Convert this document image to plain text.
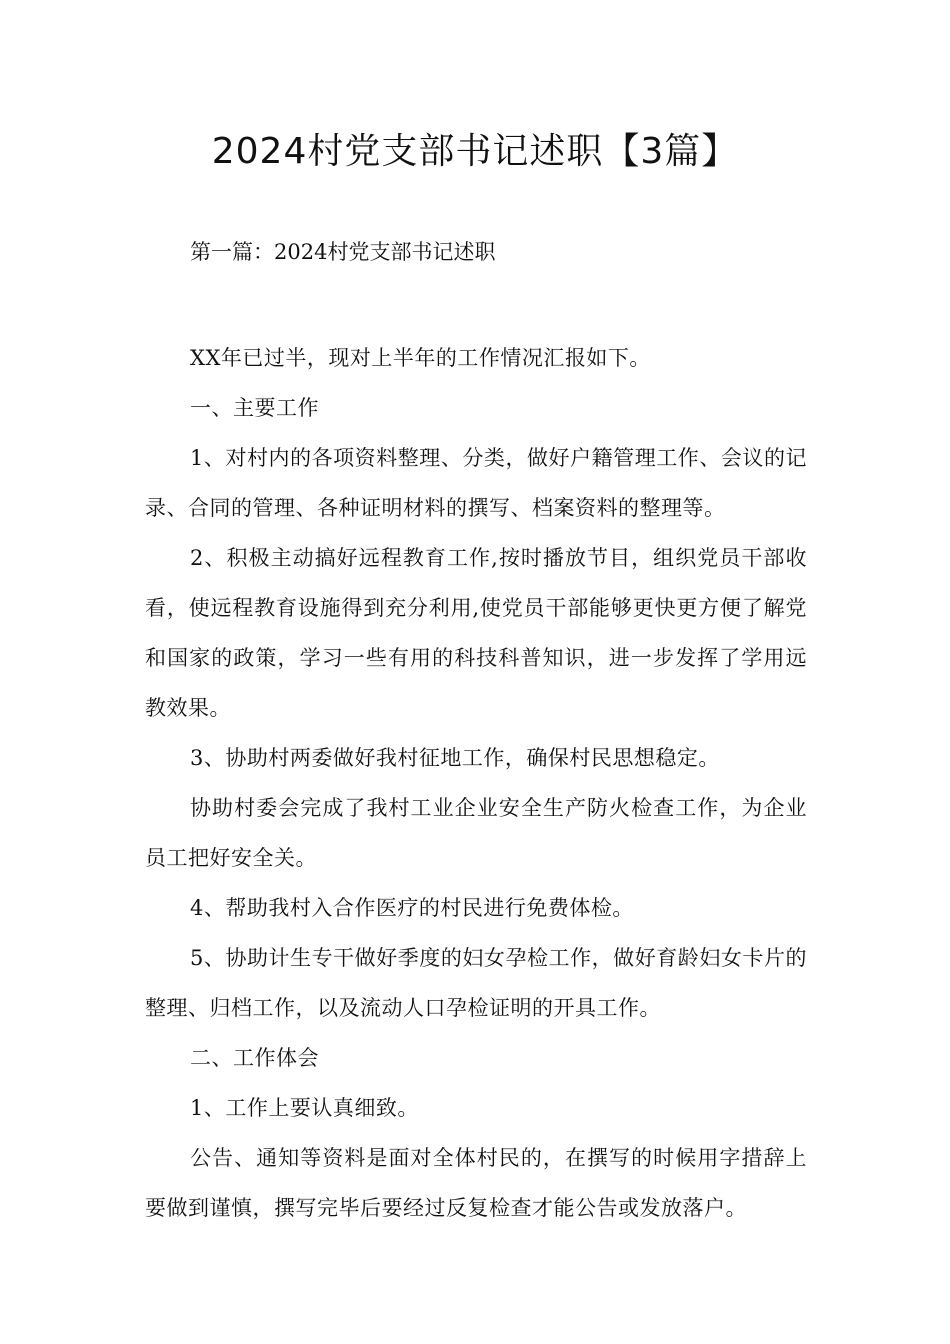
2024村党支部书记述职【3篇】

第一篇：2024村党支部书记述职

XX年已过半，现对上半年的工作情况汇报如下。

一、主要工作

1、对村内的各项资料整理、分类，做好户籍管理工作、会议的记录、合同的管理、各种证明材料的撰写、档案资料的整理等。

2、积极主动搞好远程教育工作,按时播放节目，组织党员干部收看，使远程教育设施得到充分利用,使党员干部能够更快更方便了解党和国家的政策，学习一些有用的科技科普知识，进一步发挥了学用远教效果。

3、协助村两委做好我村征地工作，确保村民思想稳定。

协助村委会完成了我村工业企业安全生产防火检查工作，为企业员工把好安全关。

4、帮助我村入合作医疗的村民进行免费体检。

5、协助计生专干做好季度的妇女孕检工作，做好育龄妇女卡片的整理、归档工作，以及流动人口孕检证明的开具工作。

二、工作体会

1、工作上要认真细致。

公告、通知等资料是面对全体村民的，在撰写的时候用字措辞上要做到谨慎，撰写完毕后要经过反复检查才能公告或发放落户。
